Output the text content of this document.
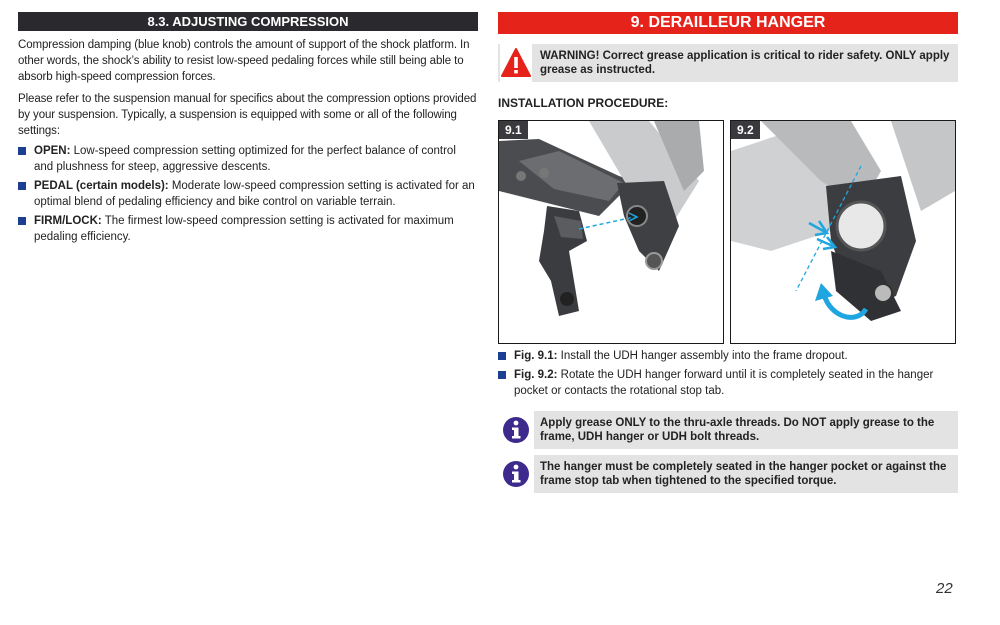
8.3. ADJUSTING COMPRESSION

Compression damping (blue knob) controls the amount of support of the shock platform. In other words, the shock’s ability to resist low-speed pedaling forces while still being able to absorb high-speed compression forces.

Please refer to the suspension manual for specifics about the compression options provided by your suspension. Typically, a suspension is equipped with some or all of the following settings:

OPEN: Low-speed compression setting optimized for the perfect balance of control and plushness for steep, aggressive descents.
PEDAL (certain models): Moderate low-speed compression setting is activated for an optimal blend of pedaling efficiency and bike control on variable terrain.
FIRM/LOCK: The firmest low-speed compression setting is activated for maximum pedaling efficiency.
9. DERAILLEUR HANGER
WARNING! Correct grease application is critical to rider safety. ONLY apply grease as instructed.
INSTALLATION PROCEDURE:
9.1	9.2
Fig. 9.1: Install the UDH hanger assembly into the frame dropout.
Fig. 9.2: Rotate the UDH hanger forward until it is completely seated in the hanger pocket or contacts the rotational stop tab.
Apply grease ONLY to the thru-axle threads. Do NOT apply grease to the frame, UDH hanger or UDH bolt threads.
The hanger must be completely seated in the hanger pocket or against the frame stop tab when tightened to the specified torque.
22
